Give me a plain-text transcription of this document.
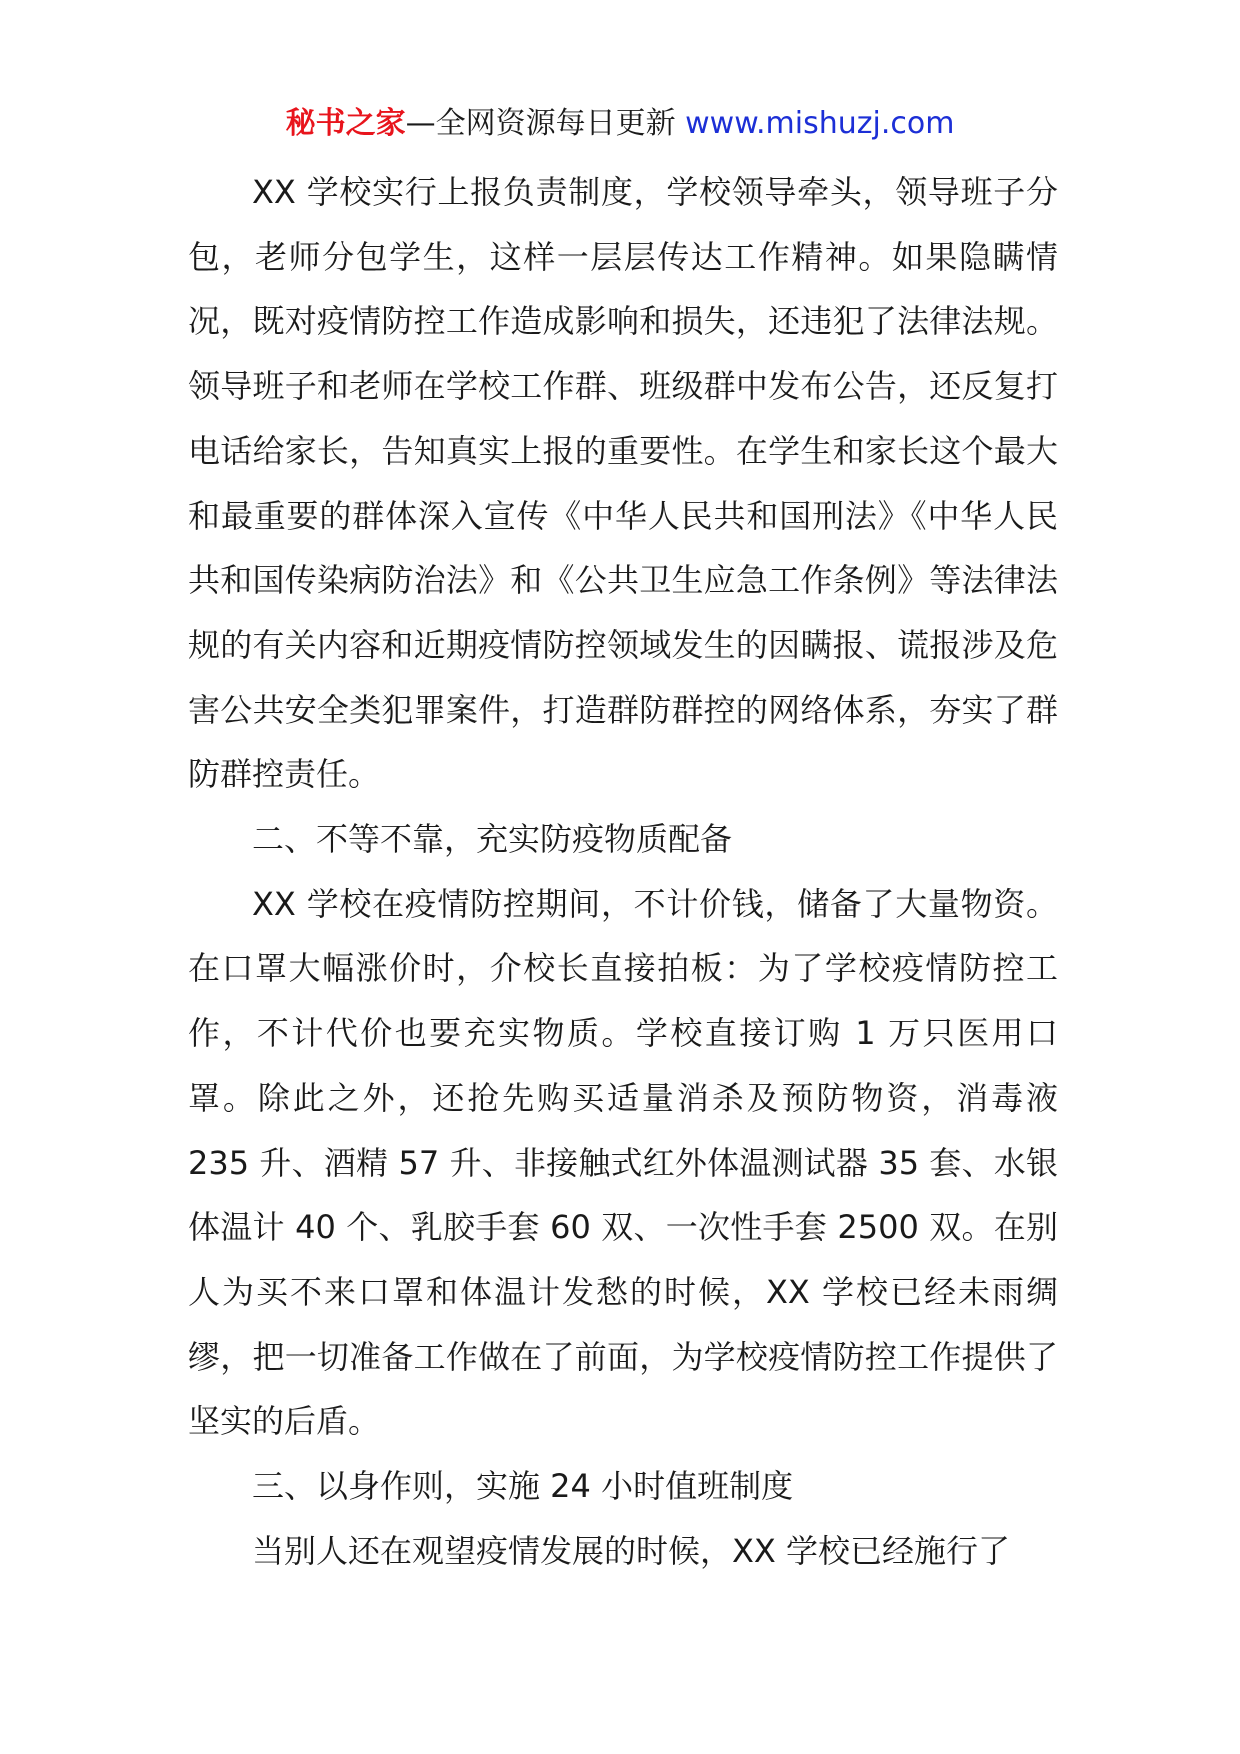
秘书之家—全网资源每日更新 www.mishuzj.com

XX 学校实行上报负责制度，学校领导牵头，领导班子分包，老师分包学生，这样一层层传达工作精神。如果隐瞒情况，既对疫情防控工作造成影响和损失，还违犯了法律法规。领导班子和老师在学校工作群、班级群中发布公告，还反复打电话给家长，告知真实上报的重要性。在学生和家长这个最大和最重要的群体深入宣传《中华人民共和国刑法》《中华人民共和国传染病防治法》和《公共卫生应急工作条例》等法律法规的有关内容和近期疫情防控领域发生的因瞒报、谎报涉及危害公共安全类犯罪案件，打造群防群控的网络体系，夯实了群防群控责任。

二、不等不靠，充实防疫物质配备

XX 学校在疫情防控期间，不计价钱，储备了大量物资。在口罩大幅涨价时，介校长直接拍板：为了学校疫情防控工作，不计代价也要充实物质。学校直接订购 1 万只医用口罩。除此之外，还抢先购买适量消杀及预防物资，消毒液 235 升、酒精 57 升、非接触式红外体温测试器 35 套、水银体温计 40 个、乳胶手套 60 双、一次性手套 2500 双。在别人为买不来口罩和体温计发愁的时候，XX 学校已经未雨绸缪，把一切准备工作做在了前面，为学校疫情防控工作提供了坚实的后盾。

三、以身作则，实施 24 小时值班制度

当别人还在观望疫情发展的时候，XX 学校已经施行了
